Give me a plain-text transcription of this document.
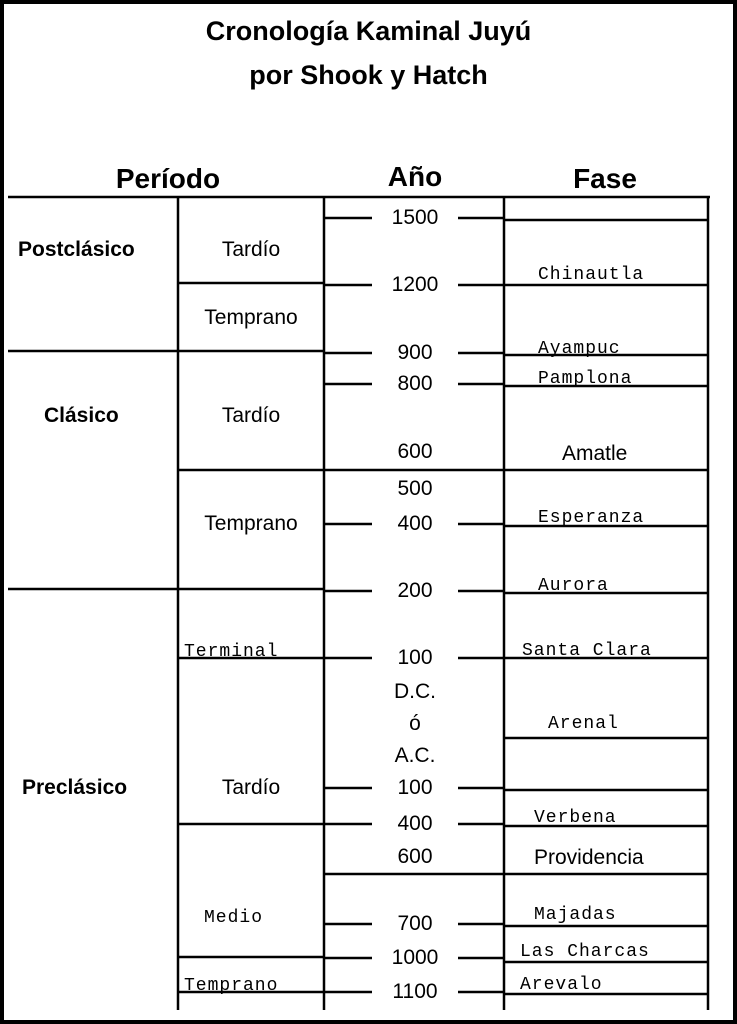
Cronología Kaminal Juyú
por Shook y Hatch
Período	Año	Fase
Postclásico
Clásico
Preclásico
Tardío
Temprano
Tardío
Temprano
Terminal
Tardío
Medio
Temprano
1500
1200
900
800
600
500
400
200
100
D.C.
ó
A.C.
100
400
600
700
1000
1100
Chinautla
Ayampuc
Pamplona
Amatle
Esperanza
Aurora
Santa Clara
Arenal
Verbena
Providencia
Majadas
Las Charcas
Arevalo
